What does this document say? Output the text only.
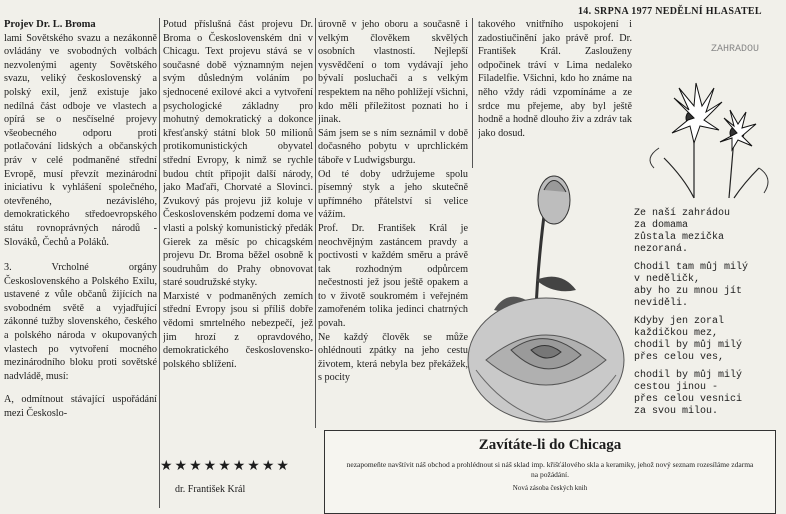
14. SRPNA 1977 NEDĚLNÍ HLASATEL

Projev Dr. L. Broma

lami Sovětského svazu a nezákonně ovládány ve svobodných volbách nezvolenými agenty Sovětského svazu, veliký československý a polský exil, jenž existuje jako nedílná část odboje ve vlastech a opírá se o nesčíselné projevy všeobecného odporu proti potlačování lidských a občanských práv v celé podmaněné střední Evropě, musí převzít mezinárodní iniciativu k vyhlášení společného, otevřeného, nezávislého, demokratického středoevropského státu rovnoprávných národů - Slováků, Čechů a Poláků.

3. Vrcholné orgány Československého a Polského Exilu, ustavené z vůle občanů žijících na svobodném světě a vyjadřující zákonné tužby slovenského, českého a polského národa v okupovaných vlastech po vytvoření mocného mezinárodního bloku proti sovětské nadvládě, musí:

A, odmítnout stávající uspořádání mezi Českoslo-

Potud příslušná část projevu Dr. Broma o Československém dni v Chicagu. Text projevu stává se v současné době významným nejen svým důsledným voláním po sjednocené exilové akci a vytvoření psychologické základny pro mohutný demokratický a dokonce křesťanský státní blok 50 milionů protikomunistických obyvatel střední Evropy, k nimž se rychle budou chtít připojit další národy, jako Maďaři, Chorvaté a Slovinci. Zvukový pás projevu již koluje v Československém podzemí doma ve vlasti a polský komunistický předák Gierek za měsíc po chicagském projevu Dr. Broma běžel osobně k soudruhům do Prahy obnovovat staré soudružské styky.

Marxisté v podmaněných zemích střední Evropy jsou si příliš dobře vědomi smrtelného nebezpečí, jež jim hrozí z opravdového, demokratického československo-polského sblížení.

★★★★★★★★★
dr. František Král

úrovně v jeho oboru a současně i velkým člověkem skvělých osobních vlastností. Nejlepší vysvědčení o tom vydávají jeho bývalí posluchači a s velkým respektem na něho pohlížejí všichni, kdo měli příležitost poznati ho i jinak.

Sám jsem se s ním seznámil v době dočasného pobytu v uprchlickém táboře v Ludwigsburgu.

Od té doby udržujeme spolu písemný styk a jeho skutečně upřímného přátelství si velice vážím.

Prof. Dr. František Král je neochvějným zastáncem pravdy a poctivosti v každém směru a právě tak rozhodným odpůrcem nečestnosti jež jsou ještě opakem a to v životě soukromém i veřejném zamořeném tolika jedinci chatrných povah.

Ne každý člověk se může ohlédnouti zpátky na jeho cestu životem, která nebyla bez překážek, s pocity

takového vnitřního uspokojení i zadostiučinění jako právě prof. Dr. František Král. Zaslouženy odpočinek tráví v Lima nedaleko Filadelfie. Všichni, kdo ho známe na něho vždy rádi vzpomínáme a ze srdce mu přejeme, aby byl ještě hodně a hodně dlouho živ a zdráv tak jako dosud.

ZAHRADOU

Ze naší zahrádou
za domama
zůstala mezička
nezoraná.

Chodil tam můj milý
v neděličk,
aby ho zu mnou jít
neviděli.

Kdyby jen zoral
každičkou mez,
chodil by můj milý
přes celou ves,

chodil by můj milý
cestou jinou -
přes celou vesnici
za svou milou.

Zavítáte-li do Chicaga
nezapomeňte navštívit náš obchod a prohlédnout si náš sklad imp. křišťálového skla a keramiky, jehož nový seznam rozesíláme zdarma na požádání.
Nová zásoba českých knih
